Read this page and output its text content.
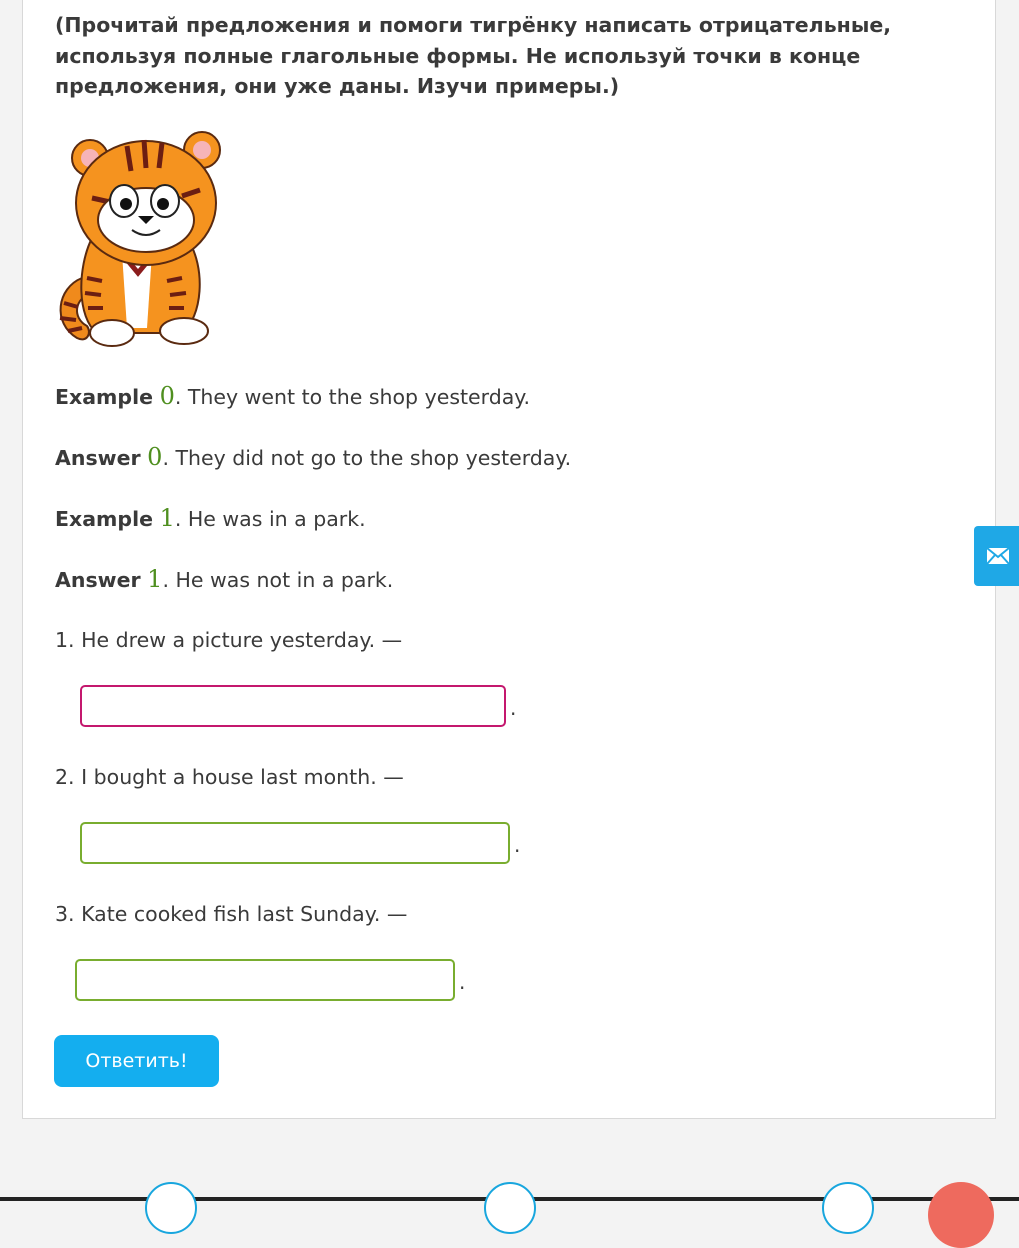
(Прочитай предложения и помоги тигрёнку написать отрицательные, используя полные глагольные формы. Не используй точки в конце предложения, они уже даны. Изучи примеры.)

Example 0. They went to the shop yesterday.
Answer 0. They did not go to the shop yesterday.
Example 1. He was in a park.
Answer 1. He was not in a park.
1. He drew a picture yesterday. —
.
2. I bought a house last month. —
.
3. Kate cooked fish last Sunday. —
.
Ответить!
